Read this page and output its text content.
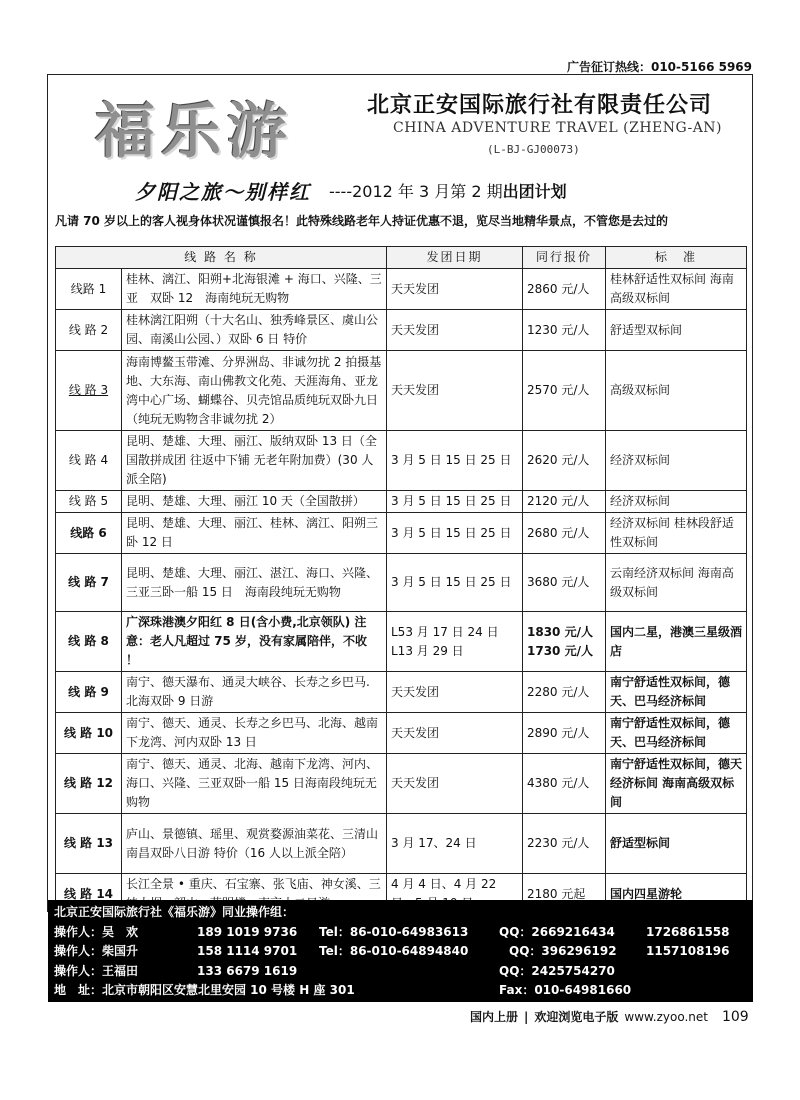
广告征订热线：010-5166 5969
福乐游	北京正安国际旅行社有限责任公司
CHINA ADVENTURE TRAVEL (ZHENG-AN)
(L-BJ-GJ00073)
夕阳之旅〜别样红 ----2012 年 3 月第 2 期出团计划
凡请 70 岁以上的客人视身体状况谨慎报名！此特殊线路老年人持证优惠不退，览尽当地精华景点，不管您是去过的
线 路 名 称		发团日期	同行报价	标　准
线路 1	桂林、漓江、阳朔+北海银滩 + 海口、兴隆、三亚　双卧 12　海南纯玩无购物	天天发团	2860 元/人	桂林舒适性双标间 海南高级双标间
线 路 2	桂林漓江阳朔（十大名山、独秀峰景区、虞山公园、南溪山公园、）双卧 6 日 特价	天天发团	1230 元/人	舒适型双标间
线 路 3	海南博鳌玉带滩、分界洲岛、非诚勿扰 2 拍摄基地、大东海、南山佛教文化苑、天涯海角、亚龙湾中心广场、蝴蝶谷、贝壳馆品质纯玩双卧九日（纯玩无购物含非诚勿扰 2）	天天发团	2570 元/人	高级双标间
线 路 4	昆明、楚雄、大理、丽江、版纳双卧 13 日（全国散拼成团 往返中下铺 无老年附加费）(30 人派全陪)	3 月 5 日 15 日 25 日	2620 元/人	经济双标间
线 路 5	昆明、楚雄、大理、丽江 10 天（全国散拼）	3 月 5 日 15 日 25 日	2120 元/人	经济双标间
线路 6	昆明、楚雄、大理、丽江、桂林、漓江、阳朔三卧 12 日	3 月 5 日 15 日 25 日	2680 元/人	经济双标间 桂林段舒适性双标间
线 路 7	昆明、楚雄、大理、丽江、湛江、海口、兴隆、三亚三卧一船 15 日　海南段纯玩无购物	3 月 5 日 15 日 25 日	3680 元/人	云南经济双标间 海南高级双标间
线 路 8	广深珠港澳夕阳红 8 日(含小费,北京领队) 注意：老人凡超过 75 岁，没有家属陪伴，不收 ！	L53 月 17 日 24 日 L13 月 29 日	1830 元/人 1730 元/人	国内二星，港澳三星级酒店
线 路 9	南宁、德天瀑布、通灵大峡谷、长寿之乡巴马. 北海双卧 9 日游	天天发团	2280 元/人	南宁舒适性双标间，德天、巴马经济标间
线 路 10	南宁、德天、通灵、长寿之乡巴马、北海、越南下龙湾、河内双卧 13 日	天天发团	2890 元/人	南宁舒适性双标间，德天、巴马经济标间
线 路 12	南宁、德天、通灵、北海、越南下龙湾、河内、海口、兴隆、三亚双卧一船 15 日海南段纯玩无购物	天天发团	4380 元/人	南宁舒适性双标间，德天经济标间 海南高级双标间
线 路 13	庐山、景德镇、瑶里、观赏婺源油菜花、三清山南昌双卧八日游 特价（16 人以上派全陪）	3 月 17、24 日	2230 元/人	舒适型标间
线 路 14	长江全景 • 重庆、石宝寨、张飞庙、神女溪、三	4 月 4 日、4 月 22	2180 元起	国内四星游轮
北京正安国际旅行社《福乐游》同业操作组：
操作人：吴　欢	189 1019 9736 Tel：86-010-64983613	QQ：2669216434	1726861558
操作人：柴国升	158 1114 9701 Tel：86-010-64894840	QQ：396296192 1157108196
操作人：王福田	133 6679 1619	QQ：2425754270
地　址：北京市朝阳区安慧北里安园 10 号楼 H 座 301	Fax：010-64981660
国内上册 | 欢迎浏览电子版 www.zyoo.net 109
